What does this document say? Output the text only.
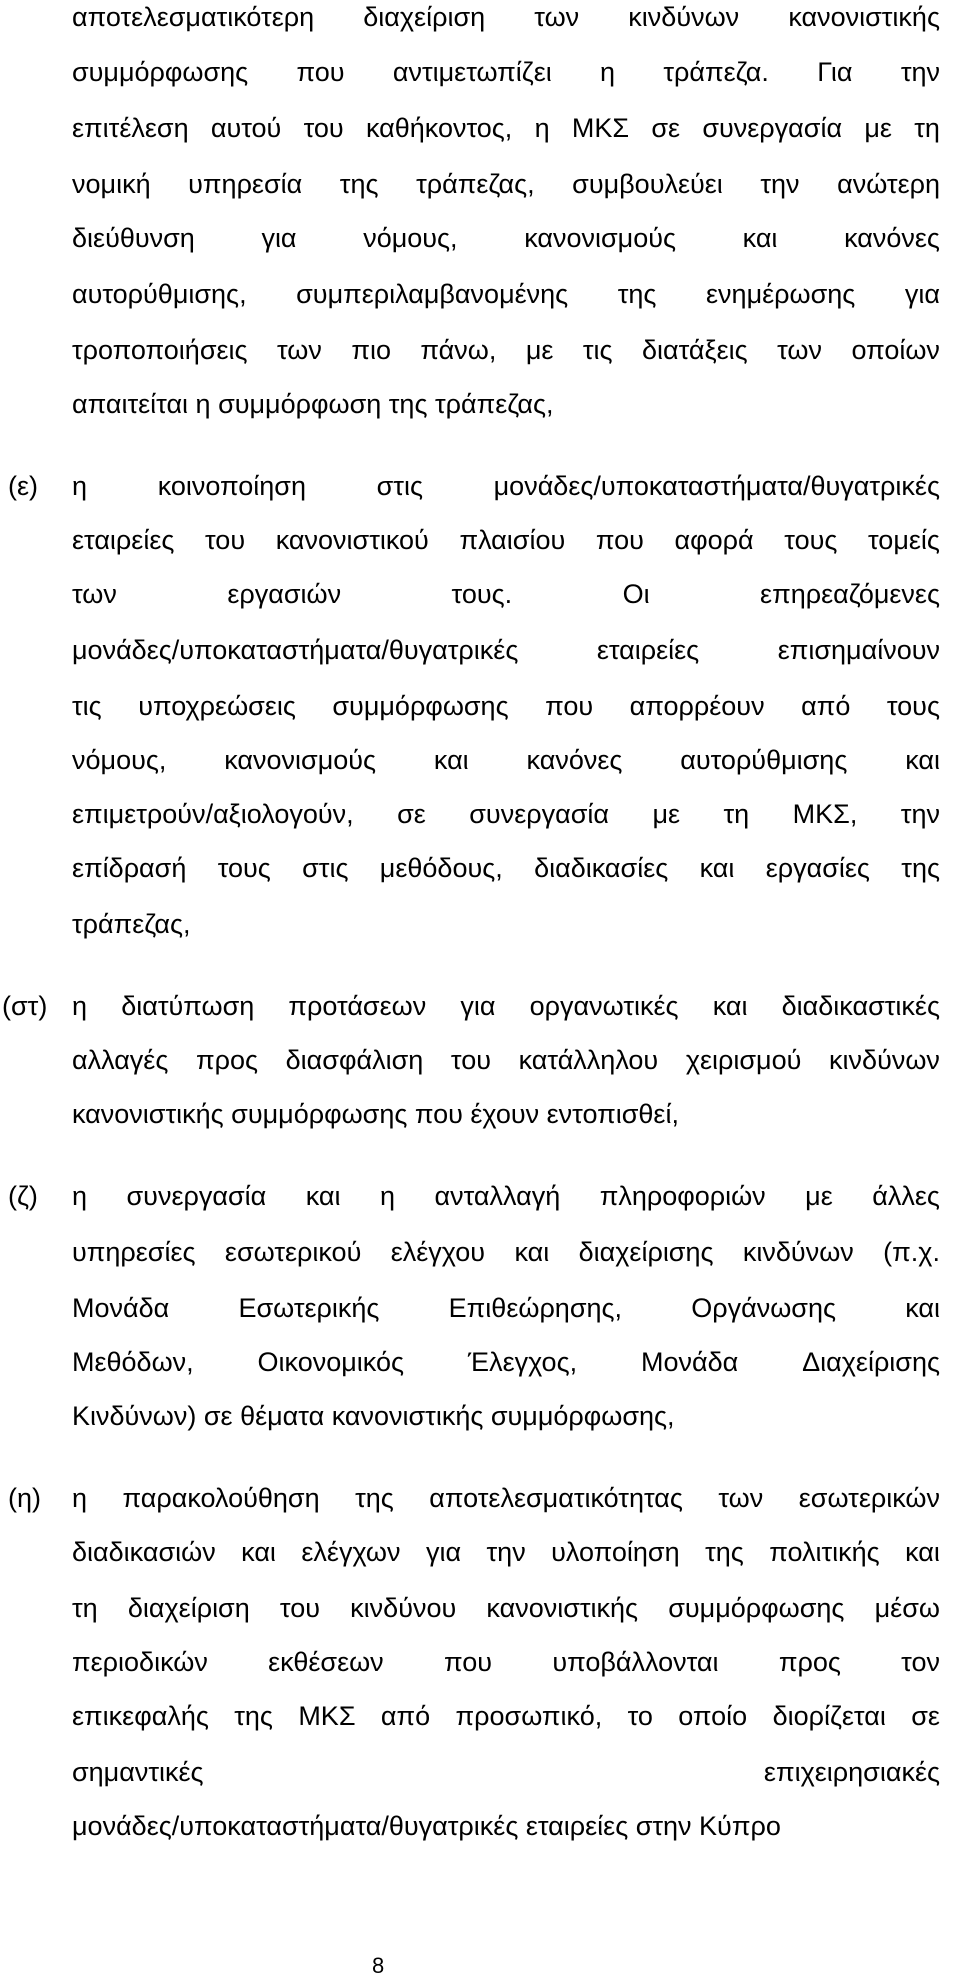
αποτελεσματικότερη διαχείριση των κινδύνων κανονιστικής
συμμόρφωσης που αντιμετωπίζει η τράπεζα. Για την
επιτέλεση αυτού του καθήκοντος, η ΜΚΣ σε συνεργασία με τη
νομική υπηρεσία της τράπεζας, συμβουλεύει την ανώτερη
διεύθυνση για νόμους, κανονισμούς και κανόνες
αυτορύθμισης, συμπεριλαμβανομένης της ενημέρωσης για
τροποποιήσεις των πιο πάνω, με τις διατάξεις των οποίων
απαιτείται η συμμόρφωση της τράπεζας,
(ε) η	κοινοποίηση	στις	μονάδες/υποκαταστήματα/θυγατρικές
εταιρείες του κανονιστικού πλαισίου που αφορά τους τομείς
των	εργασιών	τους.	Οι	επηρεαζόμενες
μονάδες/υποκαταστήματα/θυγατρικές	εταιρείες	επισημαίνουν
τις υποχρεώσεις συμμόρφωσης που απορρέουν από τους
νόμους, κανονισμούς και κανόνες αυτορύθμισης και
επιμετρούν/αξιολογούν, σε συνεργασία με τη ΜΚΣ, την
επίδρασή τους στις μεθόδους, διαδικασίες και εργασίες της
τράπεζας,
(στ) η διατύπωση προτάσεων για οργανωτικές και διαδικαστικές
αλλαγές προς διασφάλιση του κατάλληλου χειρισμού κινδύνων
κανονιστικής συμμόρφωσης που έχουν εντοπισθεί,
(ζ) η συνεργασία και η ανταλλαγή πληροφοριών με άλλες
υπηρεσίες εσωτερικού ελέγχου και διαχείρισης κινδύνων (π.χ.
Μονάδα	Εσωτερικής	Επιθεώρησης,	Οργάνωσης	και
Μεθόδων, Οικονομικός Έλεγχος, Μονάδα Διαχείρισης
Κινδύνων) σε θέματα κανονιστικής συμμόρφωσης,
(η) η παρακολούθηση της αποτελεσματικότητας των εσωτερικών
διαδικασιών και ελέγχων για την υλοποίηση της πολιτικής και
τη διαχείριση του κινδύνου κανονιστικής συμμόρφωσης μέσω
περιοδικών εκθέσεων που υποβάλλονται προς τον
επικεφαλής της ΜΚΣ από προσωπικό, το οποίο διορίζεται σε
σημαντικές	επιχειρησιακές
μονάδες/υποκαταστήματα/θυγατρικές εταιρείες στην Κύπρο
8
